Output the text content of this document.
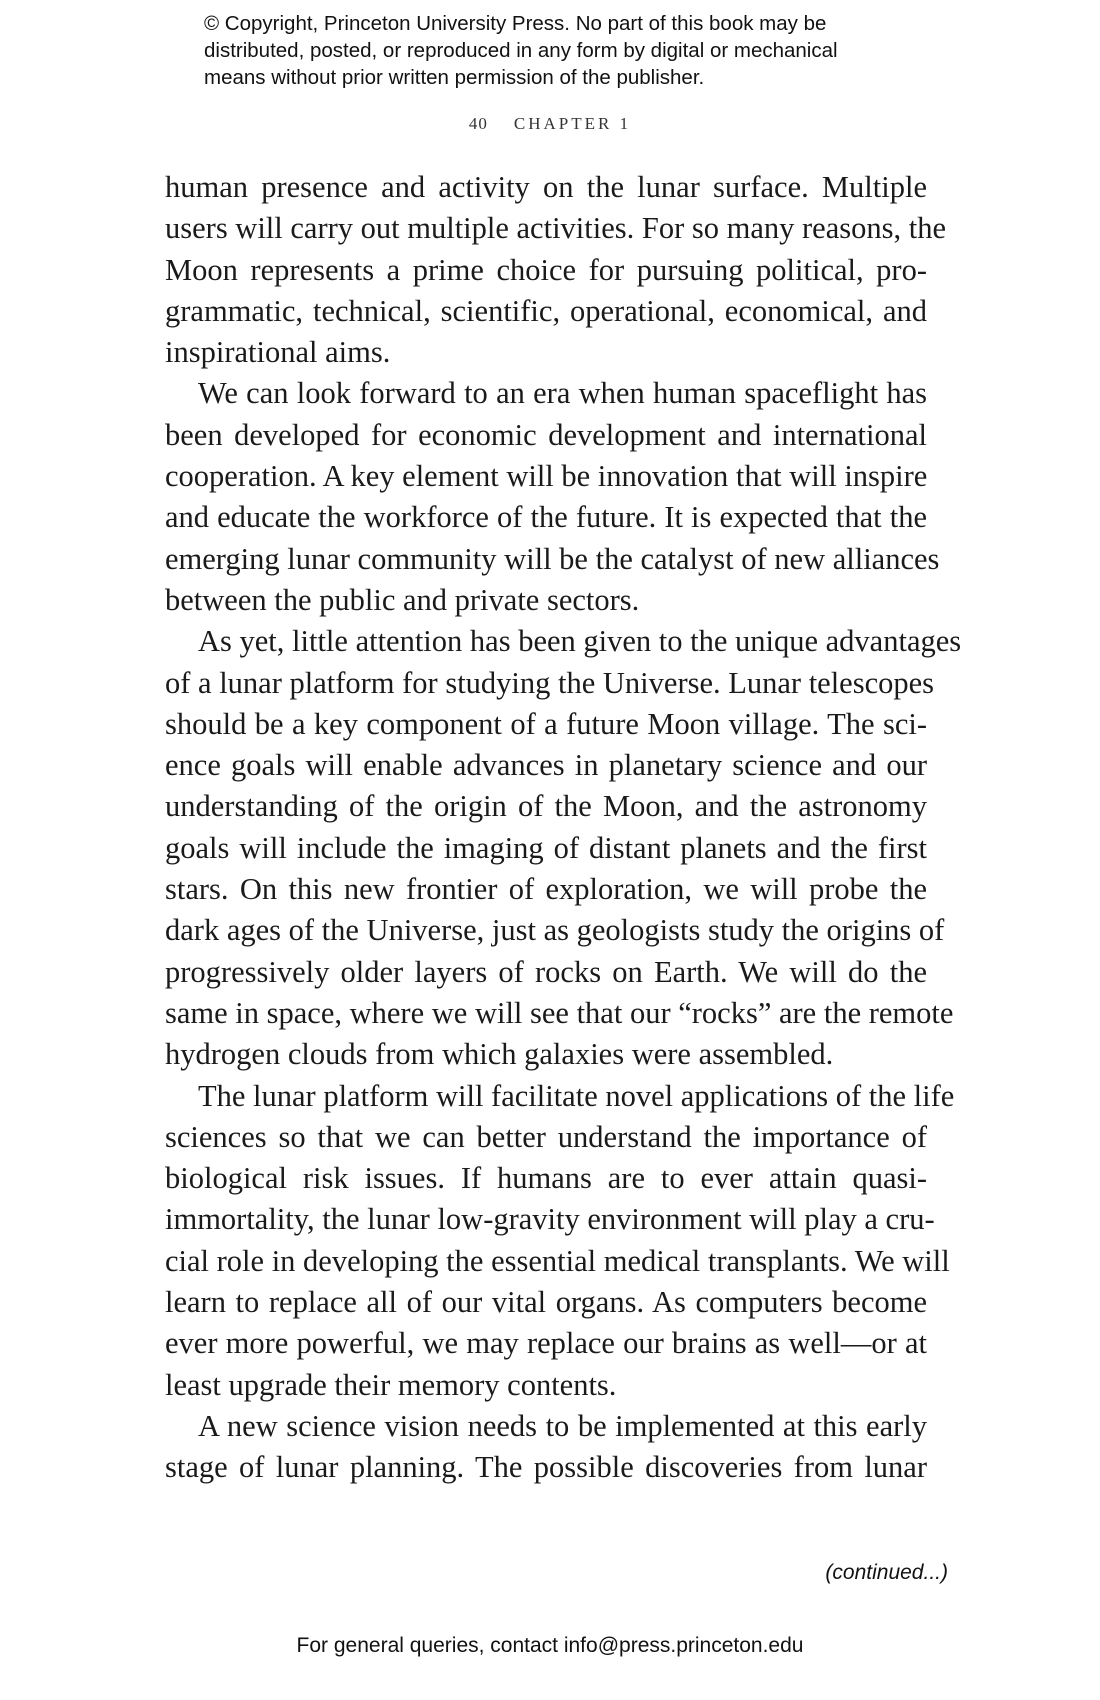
© Copyright, Princeton University Press. No part of this book may be
distributed, posted, or reproduced in any form by digital or mechanical
means without prior written permission of the publisher.
40 CHAPTER 1

human presence and activity on the lunar surface. Multiple
users will carry out multiple activities. For so many reasons, the
Moon represents a prime choice for pursuing political, pro-
grammatic, technical, scientific, operational, economical, and
inspirational aims.

We can look forward to an era when human spaceflight has
been developed for economic development and international
cooperation. A key element will be innovation that will inspire
and educate the workforce of the future. It is expected that the
emerging lunar community will be the catalyst of new alliances
between the public and private sectors.

As yet, little attention has been given to the unique advantages
of a lunar platform for studying the Universe. Lunar telescopes
should be a key component of a future Moon village. The sci-
ence goals will enable advances in planetary science and our
understanding of the origin of the Moon, and the astronomy
goals will include the imaging of distant planets and the first
stars. On this new frontier of exploration, we will probe the
dark ages of the Universe, just as geologists study the origins of
progressively older layers of rocks on Earth. We will do the
same in space, where we will see that our “rocks” are the remote
hydrogen clouds from which galaxies were assembled.

The lunar platform will facilitate novel applications of the life
sciences so that we can better understand the importance of
biological risk issues. If humans are to ever attain quasi-
immortality, the lunar low-gravity environment will play a cru-
cial role in developing the essential medical transplants. We will
learn to replace all of our vital organs. As computers become
ever more powerful, we may replace our brains as well—or at
least upgrade their memory contents.

A new science vision needs to be implemented at this early
stage of lunar planning. The possible discoveries from lunar

(continued...)
For general queries, contact info@press.princeton.edu
